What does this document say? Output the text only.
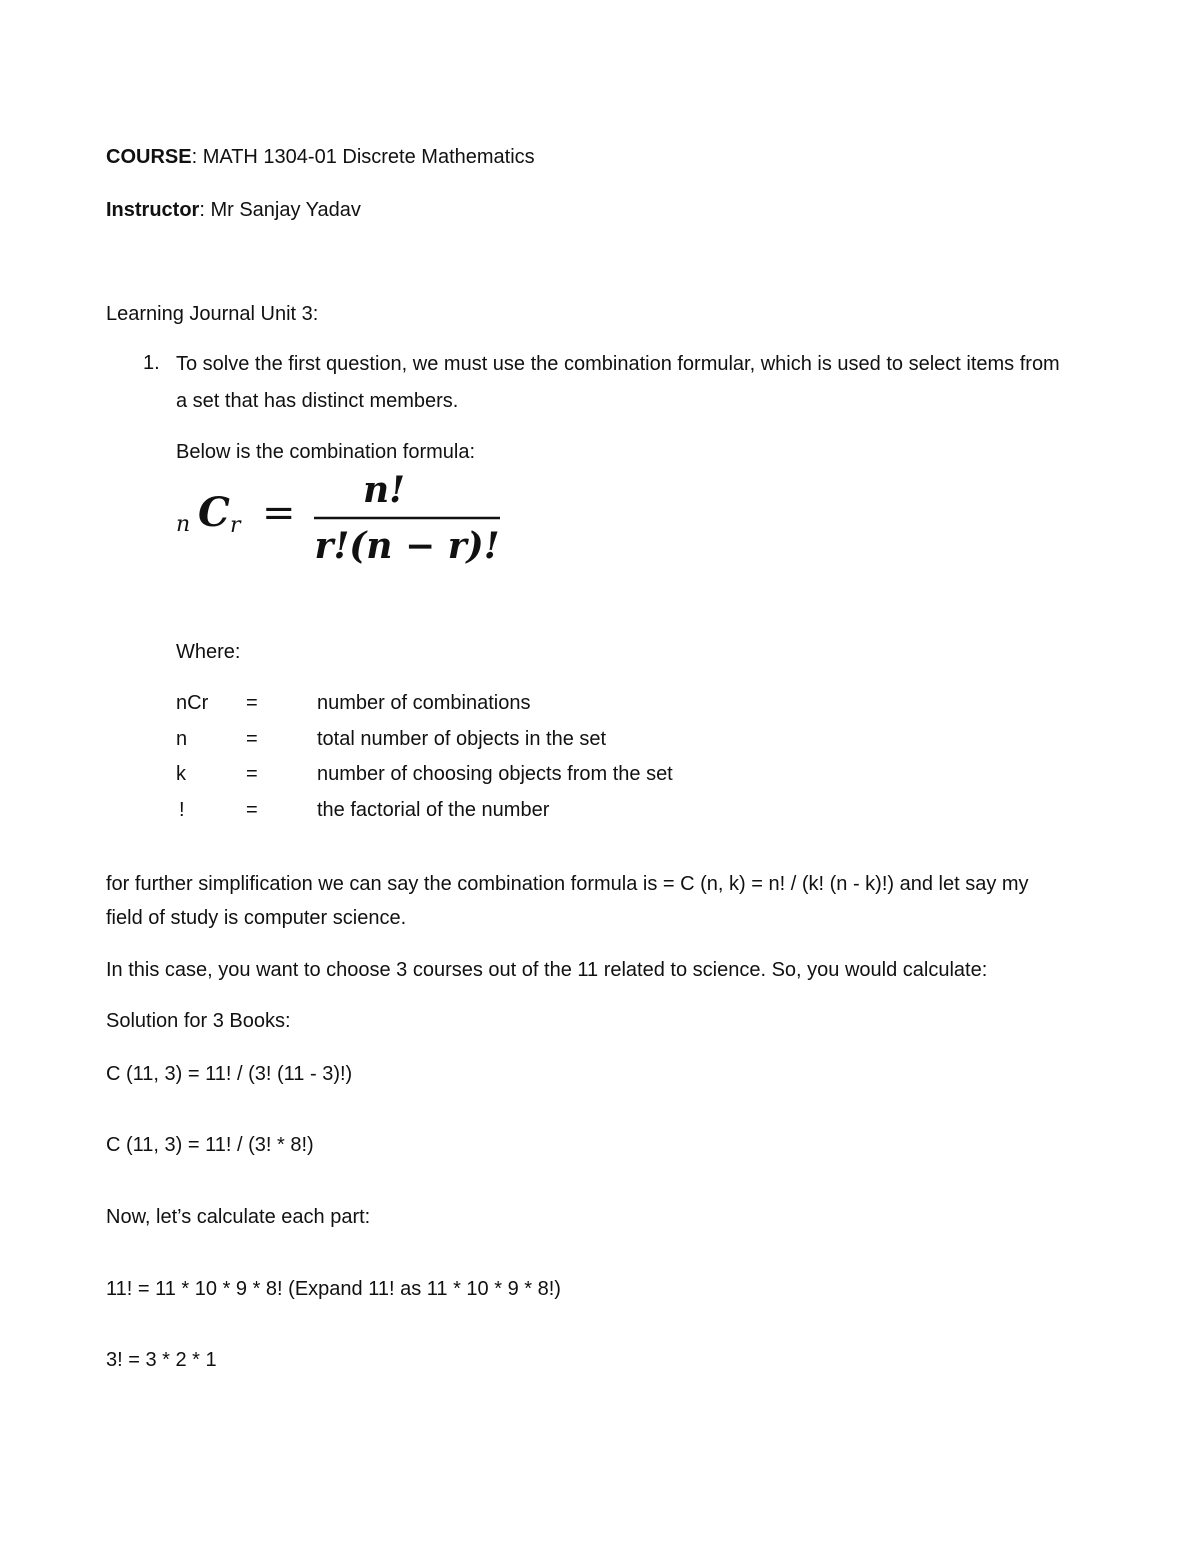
COURSE: MATH 1304-01 Discrete Mathematics
Instructor: Mr Sanjay Yadav
Learning Journal Unit 3:
1. To solve the first question, we must use the combination formular, which is used to select items from
a set that has distinct members.
Below is the combination formula:
n C r = n!
r!(n − r)!
Where:
nCr =	number of combinations
n	=	total number of objects in the set
k	=	number of choosing objects from the set
!	=	the factorial of the number
for further simplification we can say the combination formula is = C (n, k) = n! / (k! (n - k)!) and let say my
field of study is computer science.
In this case, you want to choose 3 courses out of the 11 related to science. So, you would calculate:
Solution for 3 Books:
C (11, 3) = 11! / (3! (11 - 3)!)
C (11, 3) = 11! / (3! * 8!)
Now, let’s calculate each part:
11! = 11 * 10 * 9 * 8! (Expand 11! as 11 * 10 * 9 * 8!)
3! = 3 * 2 * 1
